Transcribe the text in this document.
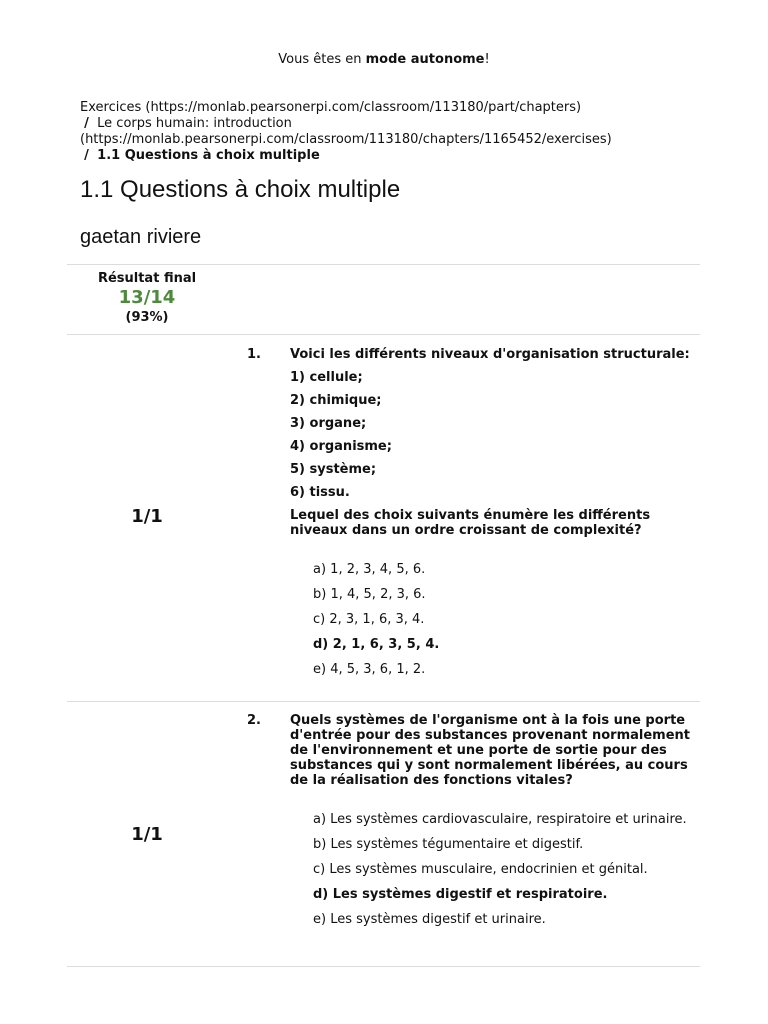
Vous êtes en mode autonome!
Exercices (https://monlab.pearsonerpi.com/classroom/113180/part/chapters)
/ Le corps humain: introduction (https://monlab.pearsonerpi.com/classroom/113180/chapters/1165452/exercises)
/ 1.1 Questions à choix multiple
1.1 Questions à choix multiple
gaetan riviere
Résultat final
13/14
(93%)
1/1
1. Voici les différents niveaux d'organisation structurale:

1) cellule;

2) chimique;

3) organe;

4) organisme;

5) système;

6) tissu.

Lequel des choix suivants énumère les différents niveaux dans un ordre croissant de complexité?

a) 1, 2, 3, 4, 5, 6.
b) 1, 4, 5, 2, 3, 6.
c) 2, 3, 1, 6, 3, 4.
d) 2, 1, 6, 3, 5, 4.
e) 4, 5, 3, 6, 1, 2.
1/1
2. Quels systèmes de l'organisme ont à la fois une porte d'entrée pour des substances provenant normalement de l'environnement et une porte de sortie pour des substances qui y sont normalement libérées, au cours de la réalisation des fonctions vitales?

a) Les systèmes cardiovasculaire, respiratoire et urinaire.
b) Les systèmes tégumentaire et digestif.
c) Les systèmes musculaire, endocrinien et génital.
d) Les systèmes digestif et respiratoire.
e) Les systèmes digestif et urinaire.
